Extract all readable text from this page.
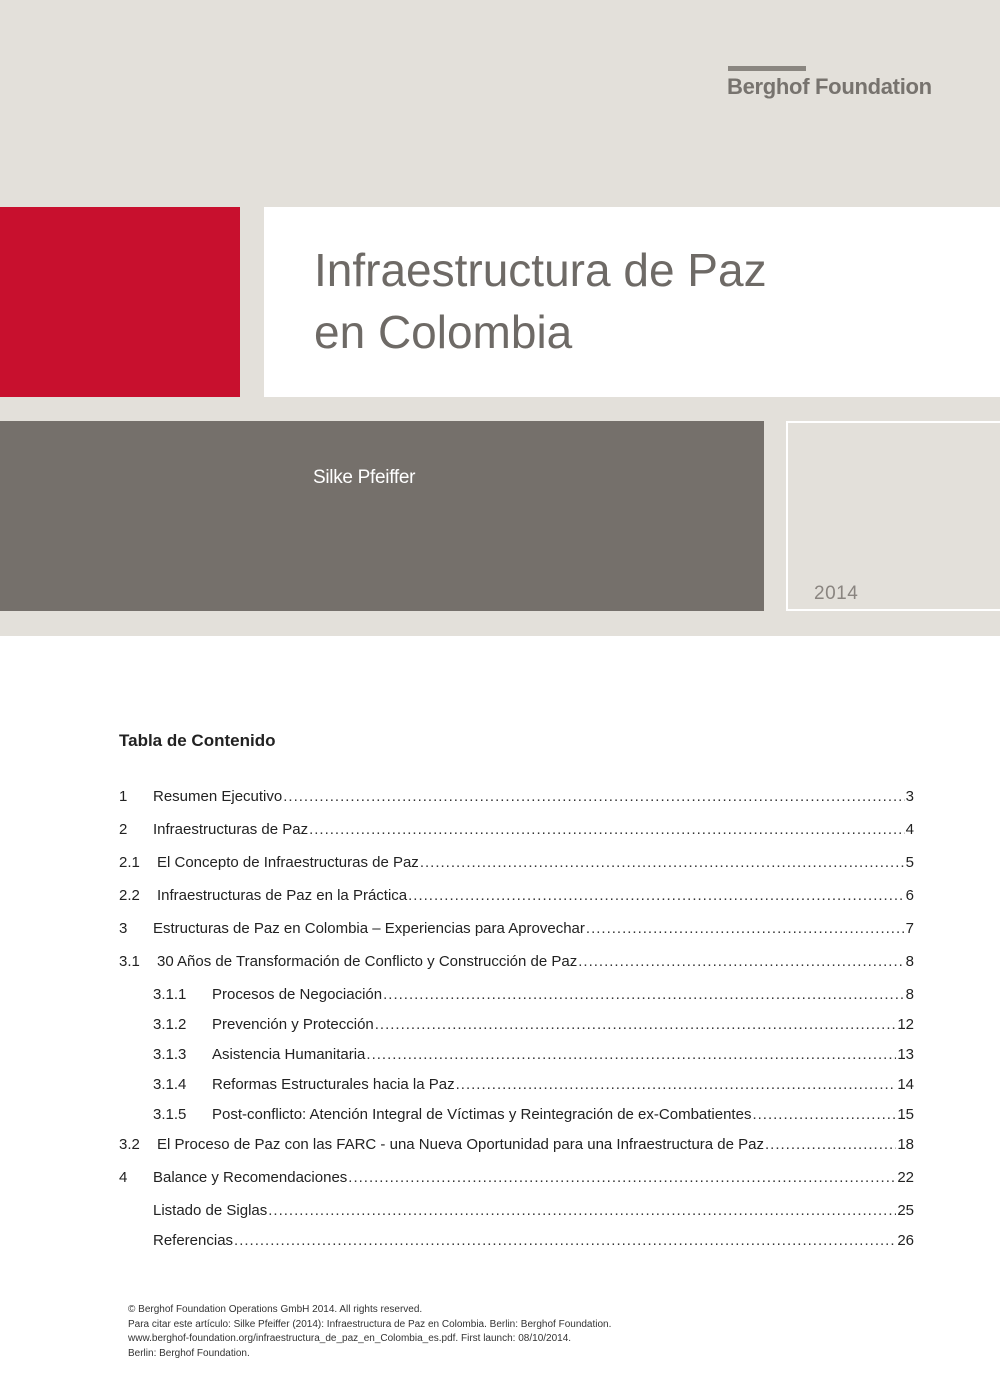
Berghof Foundation
Infraestructura de Paz
en Colombia
Silke Pfeiffer
2014
Tabla de Contenido
1	Resumen Ejecutivo .....	3
2	Infraestructuras de Paz .....	4
2.1	El Concepto de Infraestructuras de Paz .....	5
2.2	Infraestructuras de Paz en la Práctica .....	6
3	Estructuras de Paz en Colombia – Experiencias para Aprovechar .....	7
3.1	30 Años de Transformación de Conflicto y Construcción de Paz .....	8
3.1.1	Procesos de Negociación .....	8
3.1.2	Prevención y Protección .....	12
3.1.3	Asistencia Humanitaria .....	13
3.1.4	Reformas Estructurales hacia la Paz .....	14
3.1.5	Post-conflicto: Atención Integral de Víctimas y Reintegración de ex-Combatientes .....	15
3.2	El Proceso de Paz con las FARC - una Nueva Oportunidad para una Infraestructura de Paz .....	18
4	Balance y Recomendaciones .....	22
Listado de Siglas .....	25
Referencias .....	26
© Berghof Foundation Operations GmbH 2014. All rights reserved.
Para citar este artículo: Silke Pfeiffer (2014): Infraestructura de Paz en Colombia. Berlin: Berghof Foundation.
www.berghof-foundation.org/infraestructura_de_paz_en_Colombia_es.pdf. First launch: 08/10/2014.
Berlin: Berghof Foundation.
